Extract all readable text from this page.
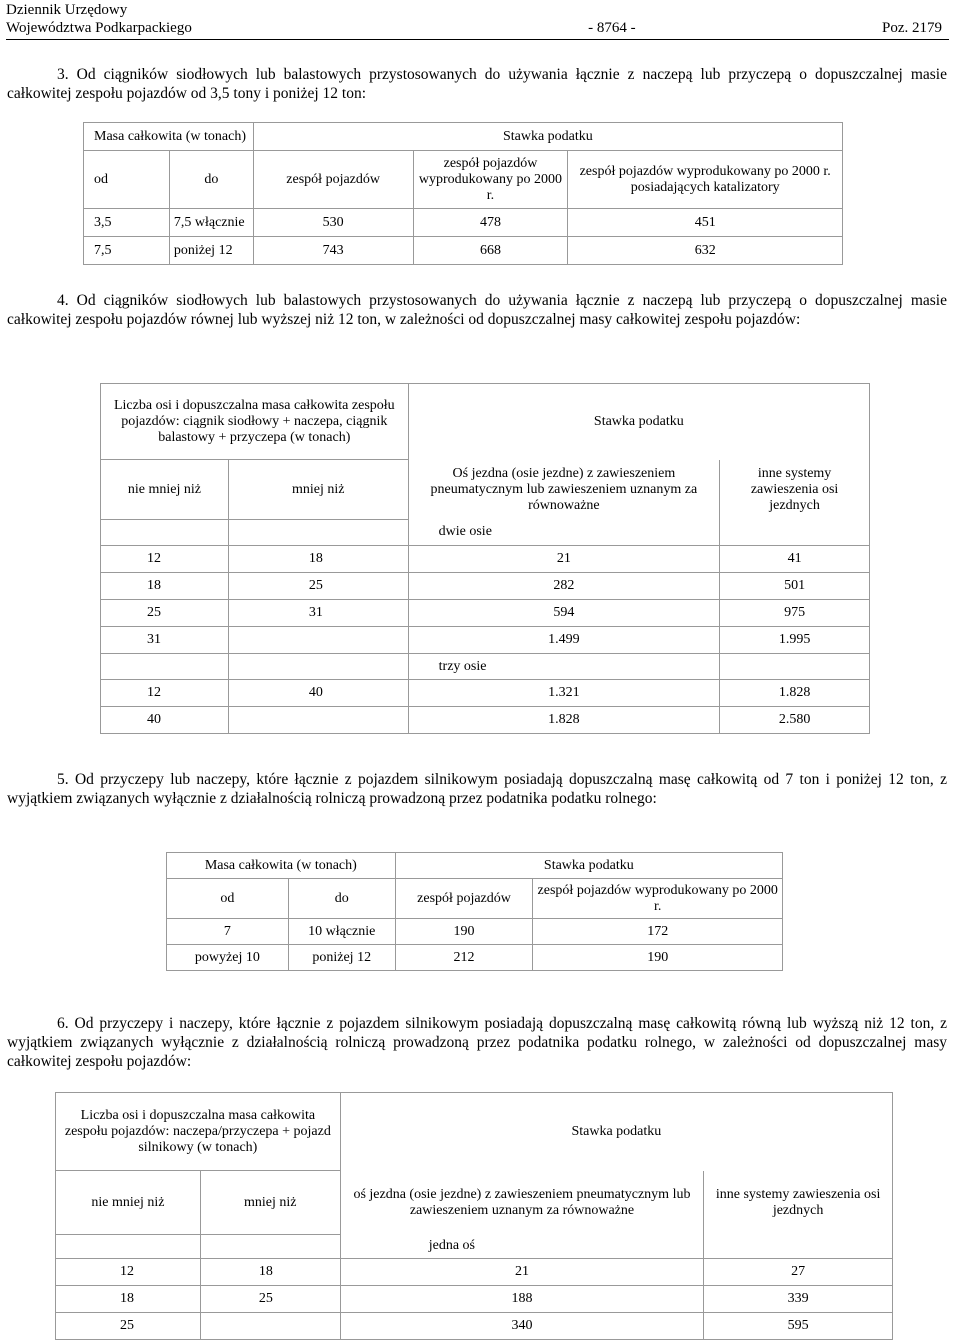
Dziennik Urzędowy
Województwa Podkarpackiego	- 8764 -	Poz. 2179
3. Od ciągników siodłowych lub balastowych przystosowanych do używania łącznie z naczepą lub przyczepą o dopuszczalnej masie całkowitej zespołu pojazdów od 3,5 tony i poniżej 12 ton:
Masa całkowita (w tonach)		Stawka podatku		
od	do	zespół pojazdów	zespół pojazdów wyprodukowany po 2000 r.	zespół pojazdów wyprodukowany po 2000 r. posiadających katalizatory
3,5	7,5 włącznie	530	478	451
7,5	poniżej 12	743	668	632
4. Od ciągników siodłowych lub balastowych przystosowanych do używania łącznie z naczepą lub przyczepą o dopuszczalnej masie całkowitej zespołu pojazdów równej lub wyższej niż 12 ton, w zależności od dopuszczalnej masy całkowitej zespołu pojazdów:
Liczba osi i dopuszczalna masa całkowita zespołu pojazdów: ciągnik siodłowy + naczepa, ciągnik balastowy + przyczepa (w tonach)		Stawka podatku	
nie mniej niż	mniej niż	Oś jezdna (osie jezdne) z zawieszeniem pneumatycznym lub zawieszeniem uznanym za równoważne	inne systemy zawieszenia osi jezdnych
		dwie osie	
12	18	21	41
18	25	282	501
25	31	594	975
31		1.499	1.995
		trzy osie	
12	40	1.321	1.828
40		1.828	2.580
5. Od przyczepy lub naczepy, które łącznie z pojazdem silnikowym posiadają dopuszczalną masę całkowitą od 7 ton i poniżej 12 ton, z wyjątkiem związanych wyłącznie z działalnością rolniczą prowadzoną przez podatnika podatku rolnego:
Masa całkowita (w tonach)		Stawka podatku	
od	do	zespół pojazdów	zespół pojazdów wyprodukowany po 2000 r.
7	10 włącznie	190	172
powyżej 10	poniżej 12	212	190
6. Od przyczepy i naczepy, które łącznie z pojazdem silnikowym posiadają dopuszczalną masę całkowitą równą lub wyższą niż 12 ton, z wyjątkiem związanych wyłącznie z działalnością rolniczą prowadzoną przez podatnika podatku rolnego, w zależności od dopuszczalnej masy całkowitej zespołu pojazdów:
Liczba osi i dopuszczalna masa całkowita zespołu pojazdów: naczepa/przyczepa + pojazd silnikowy (w tonach)		Stawka podatku	
nie mniej niż	mniej niż	oś jezdna (osie jezdne) z zawieszeniem pneumatycznym lub zawieszeniem uznanym za równoważne	inne systemy zawieszenia osi jezdnych
		jedna oś	
12	18	21	27
18	25	188	339
25		340	595
